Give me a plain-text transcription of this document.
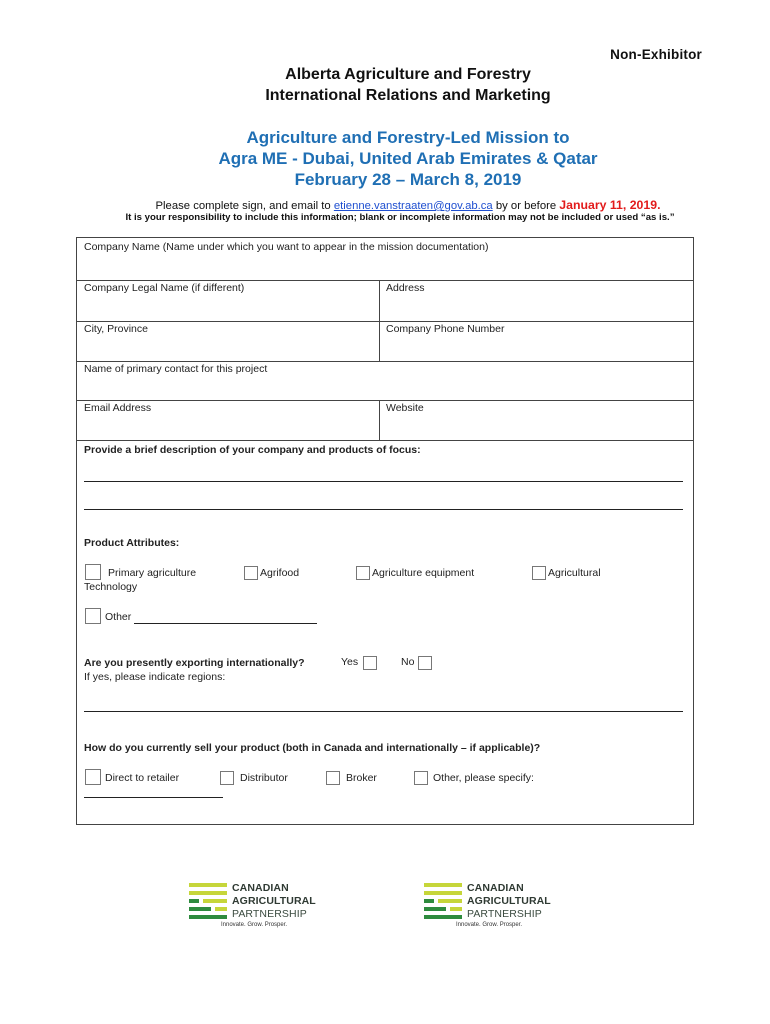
Non-Exhibitor
Alberta Agriculture and Forestry
International Relations and Marketing
Agriculture and Forestry-Led Mission to
Agra ME - Dubai, United Arab Emirates & Qatar
February 28 – March 8, 2019
Please complete sign, and email to etienne.vanstraaten@gov.ab.ca by or before January 11, 2019.
It is your responsibility to include this information; blank or incomplete information may not be included or used “as is.”
Company Name (Name under which you want to appear in the mission documentation)
Company Legal Name (if different)	Address
City, Province	Company Phone Number
Name of primary contact for this project
Email Address	Website
Provide a brief description of your company and products of focus:
Product Attributes:
Primary agriculture
Technology
Agrifood	Agriculture equipment	Agricultural
Other
Are you presently exporting internationally?	Yes	No
If yes, please indicate regions:
How do you currently sell your product (both in Canada and internationally – if applicable)?
Direct to retailer	Distributor	Broker	Other, please specify:
CANADIAN
AGRICULTURAL
PARTNERSHIP
Innovate. Grow. Prosper.
CANADIAN
AGRICULTURAL
PARTNERSHIP
Innovate. Grow. Prosper.
